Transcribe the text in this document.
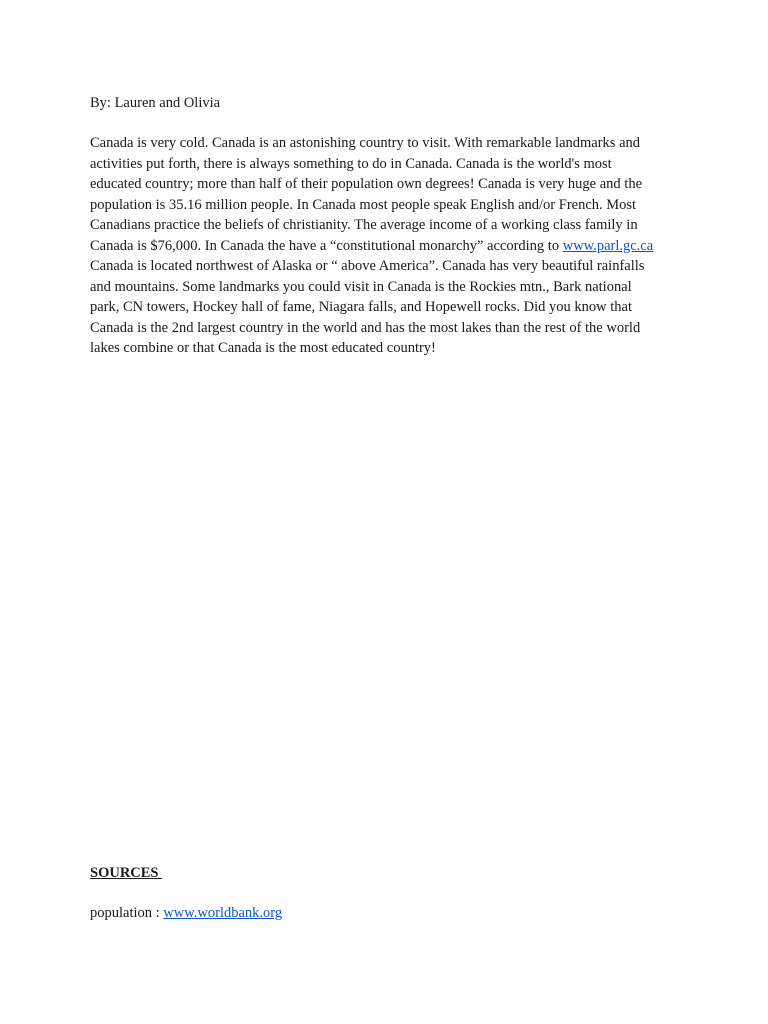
By: Lauren and Olivia
Canada is very cold. Canada is an astonishing country to visit. With remarkable landmarks and
activities put forth, there is always something to do in Canada. Canada is the world's most
educated country; more than half of their population own degrees! Canada is very huge and the
population is 35.16 million people. In Canada most people speak English and/or French. Most
Canadians practice the beliefs of christianity. The average income of a working class family in
Canada is $76,000. In Canada the have a “constitutional monarchy” according to www.parl.gc.ca
Canada is located northwest of Alaska or “ above America”. Canada has very beautiful rainfalls
and mountains. Some landmarks you could visit in Canada is the Rockies mtn., Bark national
park, CN towers, Hockey hall of fame, Niagara falls, and Hopewell rocks. Did you know that
Canada is the 2nd largest country in the world and has the most lakes than the rest of the world
lakes combine or that Canada is the most educated country!
SOURCES
population : www.worldbank.org
